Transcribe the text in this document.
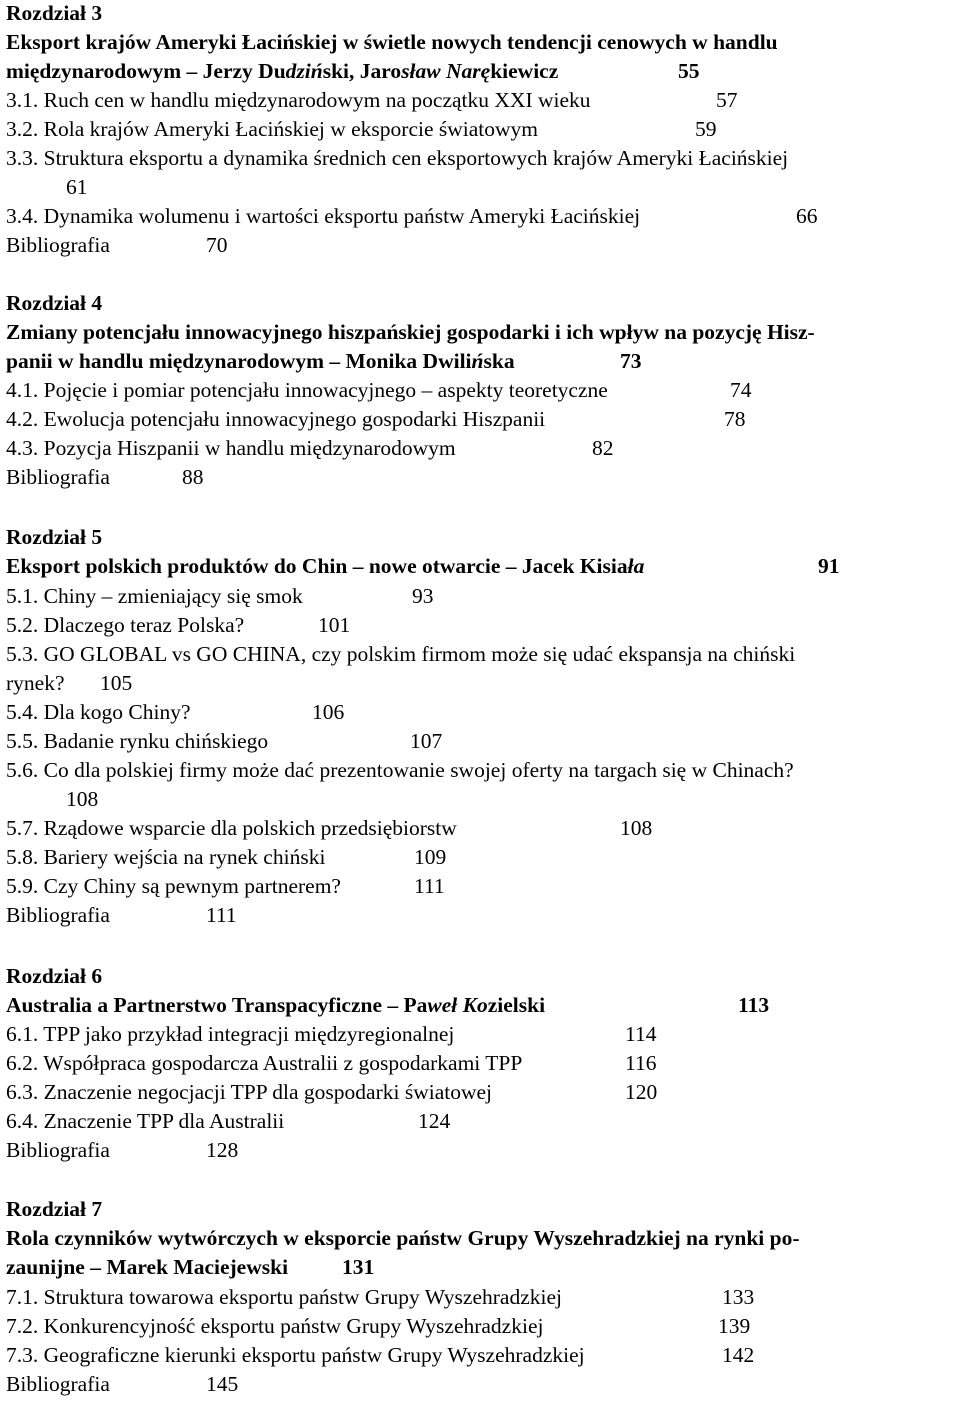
Rozdział 3
Eksport krajów Ameryki Łacińskiej w świetle nowych tendencji cenowych w handlu
międzynarodowym – Jerzy Dudziński, Jarosław Narękiewicz	55
3.1. Ruch cen w handlu międzynarodowym na początku XXI wieku	57
3.2. Rola krajów Ameryki Łacińskiej w eksporcie światowym	59
3.3. Struktura eksportu a dynamika średnich cen eksportowych krajów Ameryki Łacińskiej
61
3.4. Dynamika wolumenu i wartości eksportu państw Ameryki Łacińskiej	66
Bibliografia	70
Rozdział 4
Zmiany potencjału innowacyjnego hiszpańskiej gospodarki i ich wpływ na pozycję Hisz-
panii w handlu międzynarodowym – Monika Dwilińska	73
4.1. Pojęcie i pomiar potencjału innowacyjnego – aspekty teoretyczne	74
4.2. Ewolucja potencjału innowacyjnego gospodarki Hiszpanii	78
4.3. Pozycja Hiszpanii w handlu międzynarodowym	82
Bibliografia	88
Rozdział 5
Eksport polskich produktów do Chin – nowe otwarcie – Jacek Kisiała	91
5.1. Chiny – zmieniający się smok	93
5.2. Dlaczego teraz Polska?	101
5.3. GO GLOBAL vs GO CHINA, czy polskim firmom może się udać ekspansja na chiński
rynek? 105
5.4. Dla kogo Chiny?	106
5.5. Badanie rynku chińskiego	107
5.6. Co dla polskiej firmy może dać prezentowanie swojej oferty na targach się w Chinach?
108
5.7. Rządowe wsparcie dla polskich przedsiębiorstw	108
5.8. Bariery wejścia na rynek chiński	109
5.9. Czy Chiny są pewnym partnerem?	111
Bibliografia	111
Rozdział 6
Australia a Partnerstwo Transpacyficzne – Paweł Kozielski	113
6.1. TPP jako przykład integracji międzyregionalnej	114
6.2. Współpraca gospodarcza Australii z gospodarkami TPP	116
6.3. Znaczenie negocjacji TPP dla gospodarki światowej	120
6.4. Znaczenie TPP dla Australii	124
Bibliografia	128
Rozdział 7
Rola czynników wytwórczych w eksporcie państw Grupy Wyszehradzkiej na rynki po-
zaunijne – Marek Maciejewski	131
7.1. Struktura towarowa eksportu państw Grupy Wyszehradzkiej	133
7.2. Konkurencyjność eksportu państw Grupy Wyszehradzkiej	139
7.3. Geograficzne kierunki eksportu państw Grupy Wyszehradzkiej	142
Bibliografia	145
